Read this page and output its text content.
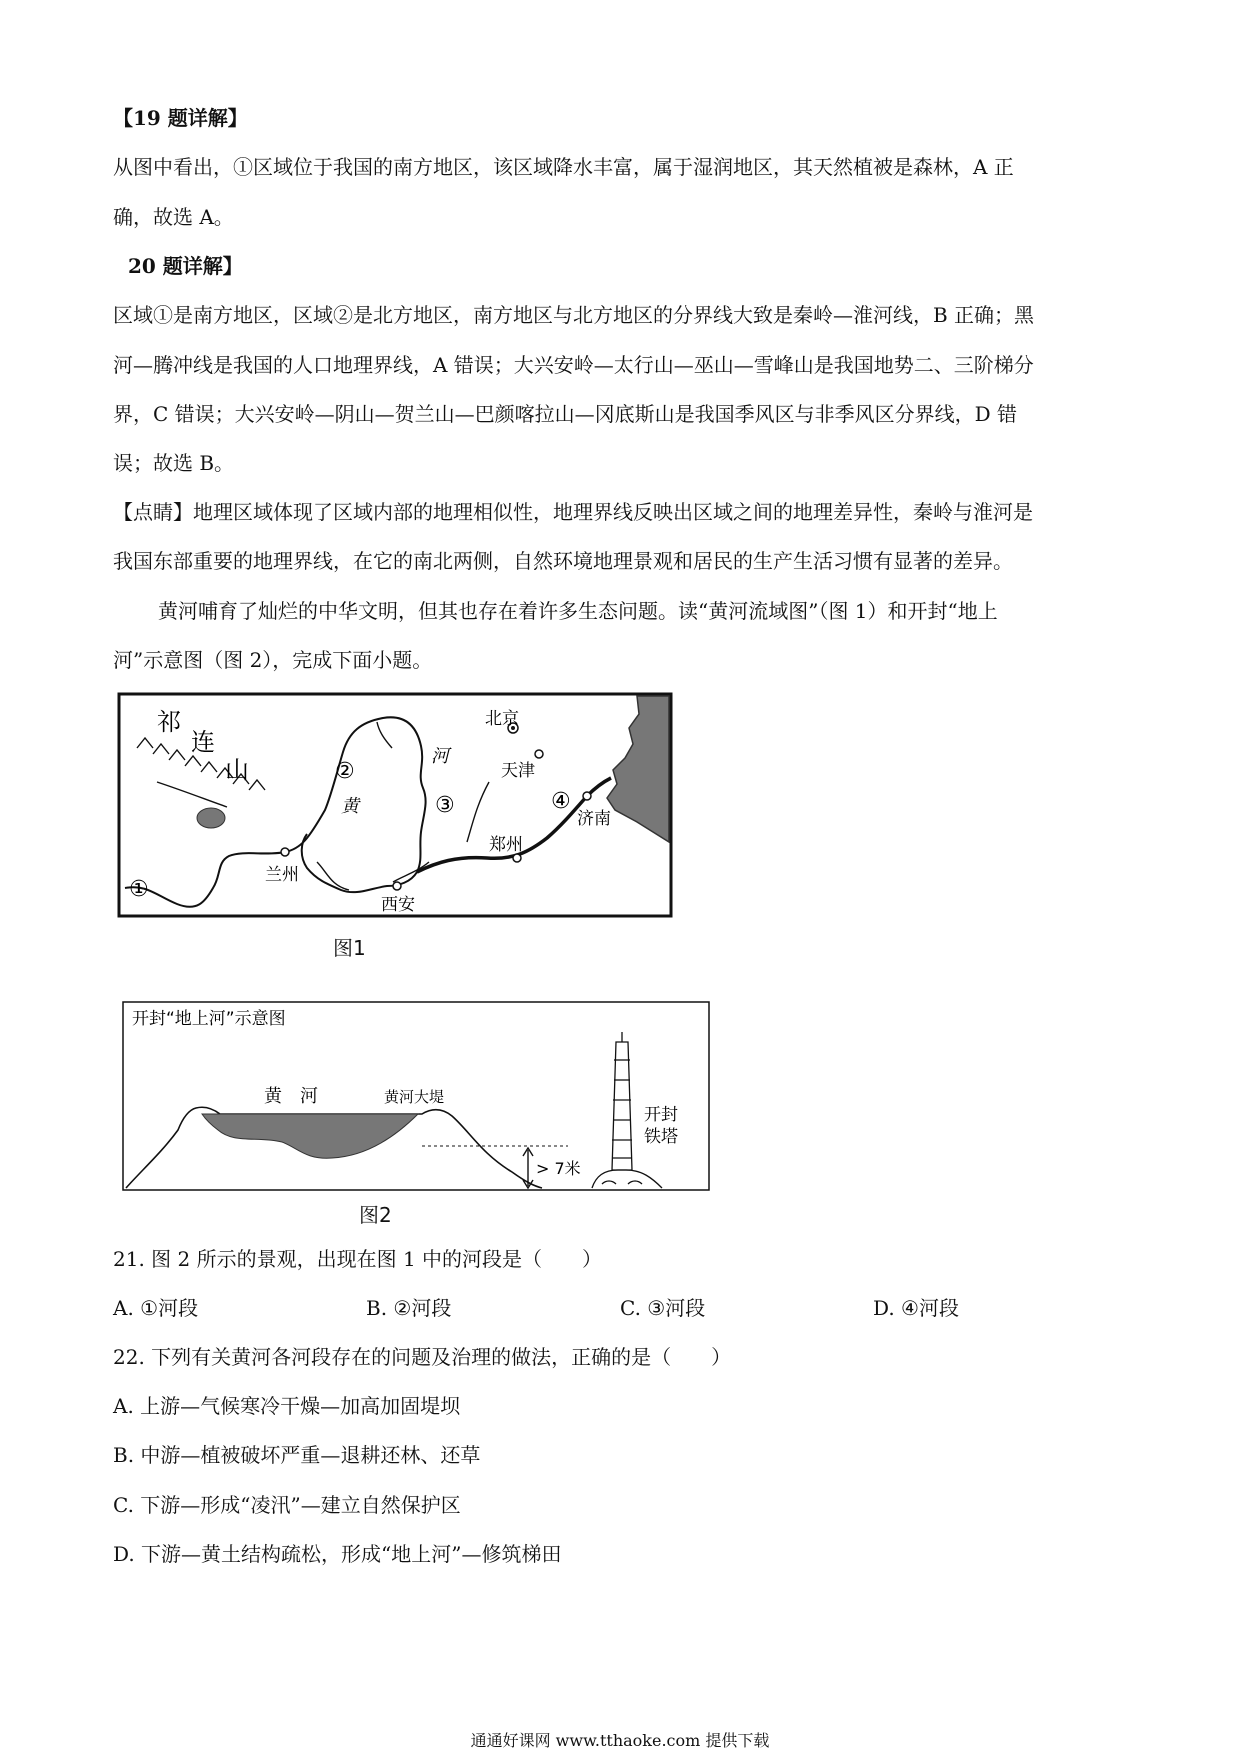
【19 题详解】
从图中看出，①区域位于我国的南方地区，该区域降水丰富，属于湿润地区，其天然植被是森林，A 正
确，故选 A。
20 题详解】
区域①是南方地区，区域②是北方地区，南方地区与北方地区的分界线大致是秦岭—淮河线，B 正确；黑
河—腾冲线是我国的人口地理界线，A 错误；大兴安岭—太行山—巫山—雪峰山是我国地势二、三阶梯分
界，C 错误；大兴安岭—阴山—贺兰山—巴颜喀拉山—冈底斯山是我国季风区与非季风区分界线，D 错
误；故选 B。
【点睛】地理区域体现了区域内部的地理相似性，地理界线反映出区域之间的地理差异性，秦岭与淮河是
我国东部重要的地理界线，在它的南北两侧，自然环境地理景观和居民的生产生活习惯有显著的差异。
黄河哺育了灿烂的中华文明，但其也存在着许多生态问题。读“黄河流域图”（图 1）和开封“地上
河”示意图（图 2），完成下面小题。
祁
连
山
北京
天津
济南
郑州
兰州
西安
黄
河
①
②
③	④
图1
开封“地上河”示意图
> 7米
黄　河	黄河大堤
开封
铁塔
图2
21. 图 2 所示的景观，出现在图 1 中的河段是（　　）
A. ①河段	B. ②河段	C. ③河段	D. ④河段
22. 下列有关黄河各河段存在的问题及治理的做法，正确的是（　　）
A. 上游—气候寒冷干燥—加高加固堤坝
B. 中游—植被破坏严重—退耕还林、还草
C. 下游—形成“凌汛”—建立自然保护区
D. 下游—黄土结构疏松，形成“地上河”—修筑梯田
通通好课网 www.tthaoke.com 提供下载
